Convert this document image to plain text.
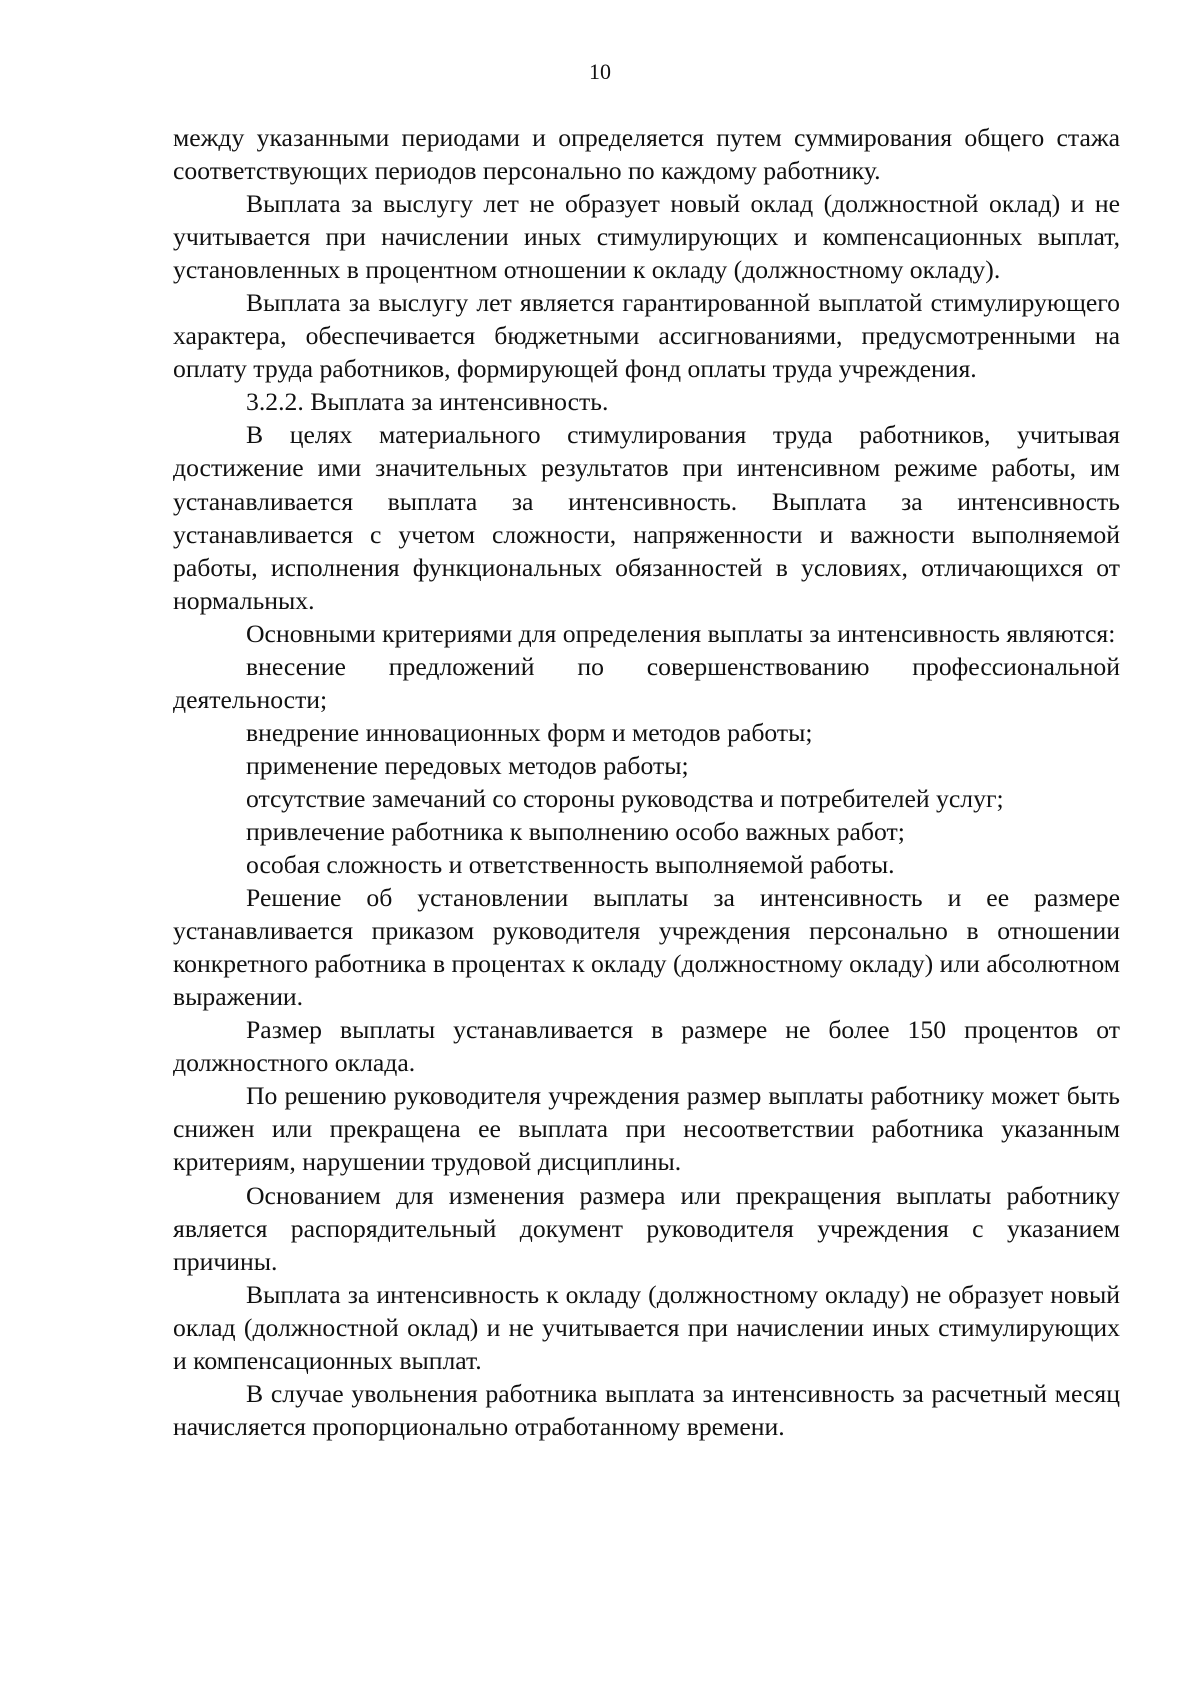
10

между указанными периодами и определяется путем суммирования общего стажа соответствующих периодов персонально по каждому работнику.

Выплата за выслугу лет не образует новый оклад (должностной оклад) и не учитывается при начислении иных стимулирующих и компенсационных выплат, установленных в процентном отношении к окладу (должностному окладу).

Выплата за выслугу лет является гарантированной выплатой стимулирующего характера, обеспечивается бюджетными ассигнованиями, предусмотренными на оплату труда работников, формирующей фонд оплаты труда учреждения.

3.2.2. Выплата за интенсивность.

В целях материального стимулирования труда работников, учитывая достижение ими значительных результатов при интенсивном режиме работы, им устанавливается выплата за интенсивность. Выплата за интенсивность устанавливается с учетом сложности, напряженности и важности выполняемой работы, исполнения функциональных обязанностей в условиях, отличающихся от нормальных.

Основными критериями для определения выплаты за интенсивность являются:

внесение предложений по совершенствованию профессиональной деятельности;

внедрение инновационных форм и методов работы;

применение передовых методов работы;

отсутствие замечаний со стороны руководства и потребителей услуг;

привлечение работника к выполнению особо важных работ;

особая сложность и ответственность выполняемой работы.

Решение об установлении выплаты за интенсивность и ее размере устанавливается приказом руководителя учреждения персонально в отношении конкретного работника в процентах к окладу (должностному окладу) или абсолютном выражении.

Размер выплаты устанавливается в размере не более 150 процентов от должностного оклада.

По решению руководителя учреждения размер выплаты работнику может быть снижен или прекращена ее выплата при несоответствии работника указанным критериям, нарушении трудовой дисциплины.

Основанием для изменения размера или прекращения выплаты работнику является распорядительный документ руководителя учреждения с указанием причины.

Выплата за интенсивность к окладу (должностному окладу) не образует новый оклад (должностной оклад) и не учитывается при начислении иных стимулирующих и компенсационных выплат.

В случае увольнения работника выплата за интенсивность за расчетный месяц начисляется пропорционально отработанному времени.
